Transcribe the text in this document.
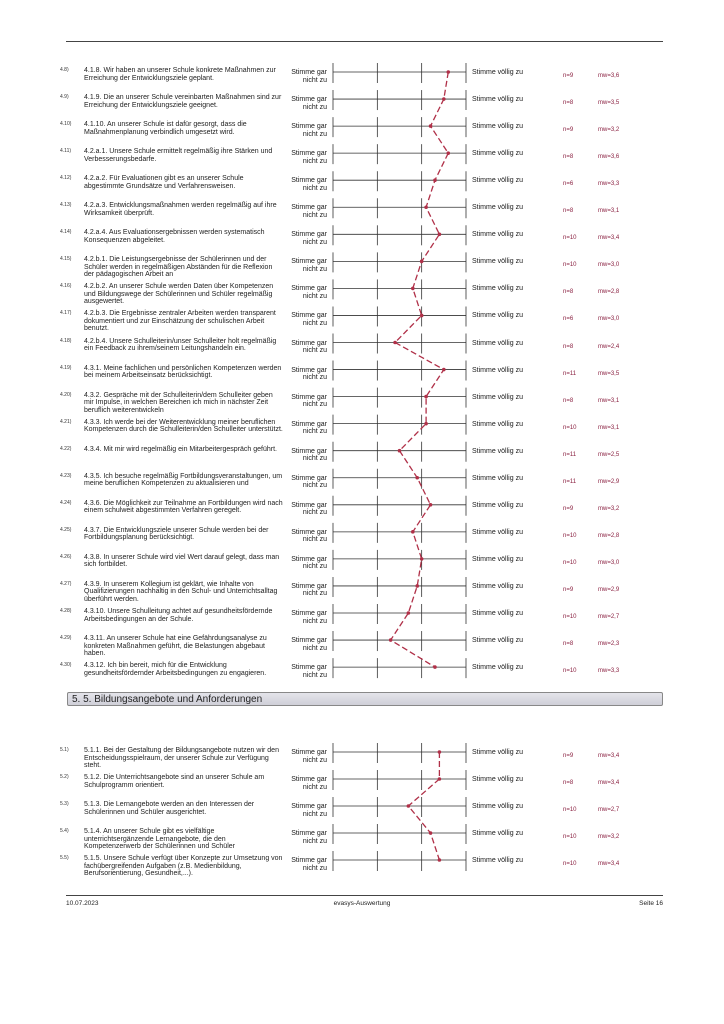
4.8)	4.1.8. Wir haben an unserer Schule konkrete Maßnahmen zur Erreichung der Entwicklungsziele geplant.
Stimme gar nicht zu
Stimme völlig zu	n=9	mw=3,6
4.9)	4.1.9. Die an unserer Schule vereinbarten Maßnahmen sind zur Erreichung der Entwicklungsziele geeignet.
Stimme gar nicht zu
Stimme völlig zu	n=8	mw=3,5
4.10)	4.1.10. An unserer Schule ist dafür gesorgt, dass die Maßnahmenplanung verbindlich umgesetzt wird.
Stimme gar nicht zu
Stimme völlig zu	n=9	mw=3,2
4.11)	4.2.a.1. Unsere Schule ermittelt regelmäßig ihre Stärken und Verbesserungsbedarfe.
Stimme gar nicht zu
Stimme völlig zu	n=8	mw=3,6
4.12)	4.2.a.2. Für Evaluationen gibt es an unserer Schule abgestimmte Grundsätze und Verfahrensweisen.
Stimme gar nicht zu
Stimme völlig zu	n=6	mw=3,3
4.13)	4.2.a.3. Entwicklungsmaßnahmen werden regelmäßig auf ihre Wirksamkeit überprüft.
Stimme gar nicht zu
Stimme völlig zu	n=8	mw=3,1
4.14)	4.2.a.4. Aus Evaluationsergebnissen werden systematisch Konsequenzen abgeleitet.
Stimme gar nicht zu
Stimme völlig zu	n=10	mw=3,4
4.15)	4.2.b.1. Die Leistungsergebnisse der Schülerinnen und der Schüler werden in regelmäßigen Abständen für die Reflexion der pädagogischen Arbeit an
Stimme gar nicht zu
Stimme völlig zu	n=10	mw=3,0
4.16)	4.2.b.2. An unserer Schule werden Daten über Kompetenzen und Bildungswege der Schülerinnen und Schüler regelmäßig ausgewertet.
Stimme gar nicht zu
Stimme völlig zu	n=8	mw=2,8
4.17)	4.2.b.3. Die Ergebnisse zentraler Arbeiten werden transparent dokumentiert und zur Einschätzung der schulischen Arbeit benutzt.
Stimme gar nicht zu
Stimme völlig zu	n=6	mw=3,0
4.18)	4.2.b.4. Unsere Schulleiterin/unser Schulleiter holt regelmäßig ein Feedback zu ihrem/seinem Leitungshandeln ein.
Stimme gar nicht zu
Stimme völlig zu	n=8	mw=2,4
4.19)	4.3.1. Meine fachlichen und persönlichen Kompetenzen werden bei meinem Arbeitseinsatz berücksichtigt.
Stimme gar nicht zu
Stimme völlig zu	n=11	mw=3,5
4.20)	4.3.2. Gespräche mit der Schulleiterin/dem Schulleiter geben mir Impulse, in welchen Bereichen ich mich in nächster Zeit beruflich weiterentwickeln
Stimme gar nicht zu
Stimme völlig zu	n=8	mw=3,1
4.21)	4.3.3. Ich werde bei der Weiterentwicklung meiner beruflichen Kompetenzen durch die Schulleiterin/den Schulleiter unterstützt.
Stimme gar nicht zu
Stimme völlig zu	n=10	mw=3,1
4.22)	4.3.4. Mit mir wird regelmäßig ein Mitarbeitergespräch geführt.	Stimme gar nicht zu
Stimme völlig zu	n=11	mw=2,5
4.23)	4.3.5. Ich besuche regelmäßig Fortbildungsveranstaltungen, um meine beruflichen Kompetenzen zu aktualisieren und
Stimme gar nicht zu
Stimme völlig zu	n=11	mw=2,9
4.24)	4.3.6. Die Möglichkeit zur Teilnahme an Fortbildungen wird nach einem schulweit abgestimmten Verfahren geregelt.
Stimme gar nicht zu
Stimme völlig zu	n=9	mw=3,2
4.25)	4.3.7. Die Entwicklungsziele unserer Schule werden bei der Fortbildungsplanung berücksichtigt.
Stimme gar nicht zu
Stimme völlig zu	n=10	mw=2,8
4.26)	4.3.8. In unserer Schule wird viel Wert darauf gelegt, dass man sich fortbildet.
Stimme gar nicht zu
Stimme völlig zu	n=10	mw=3,0
4.27)	4.3.9. In unserem Kollegium ist geklärt, wie Inhalte von Qualifizierungen nachhaltig in den Schul- und Unterrichtsalltag überführt werden.
Stimme gar nicht zu
Stimme völlig zu	n=9	mw=2,9
4.28)	4.3.10. Unsere Schulleitung achtet auf gesundheitsfördernde Arbeitsbedingungen an der Schule.
Stimme gar nicht zu
Stimme völlig zu	n=10	mw=2,7
4.29)	4.3.11. An unserer Schule hat eine Gefährdungsanalyse zu konkreten Maßnahmen geführt, die Belastungen abgebaut haben.
Stimme gar nicht zu
Stimme völlig zu	n=8	mw=2,3
4.30)	4.3.12. Ich bin bereit, mich für die Entwicklung gesundheitsfördernder Arbeitsbedingungen zu engagieren.
Stimme gar nicht zu
Stimme völlig zu	n=10	mw=3,3
5.1)	5.1.1. Bei der Gestaltung der Bildungsangebote nutzen wir den Entscheidungsspielraum, der unserer Schule zur Verfügung steht.
Stimme gar nicht zu
Stimme völlig zu	n=9	mw=3,4
5.2)	5.1.2. Die Unterrichtsangebote sind an unserer Schule am Schulprogramm orientiert.
Stimme gar nicht zu
Stimme völlig zu	n=8	mw=3,4
5.3)	5.1.3. Die Lernangebote werden an den Interessen der Schülerinnen und Schüler ausgerichtet.
Stimme gar nicht zu
Stimme völlig zu	n=10	mw=2,7
5.4)	5.1.4. An unserer Schule gibt es vielfältige unterrichtsergänzende Lernangebote, die den Kompetenzerwerb der Schülerinnen und Schüler
Stimme gar nicht zu
Stimme völlig zu	n=10	mw=3,2
5.5)	5.1.5. Unsere Schule verfügt über Konzepte zur Umsetzung von fachübergreifenden Aufgaben (z.B. Medienbildung, Berufsorientierung, Gesundheit,...).
Stimme gar nicht zu
Stimme völlig zu	n=10	mw=3,4
5. 5. Bildungsangebote und Anforderungen
10.07.2023	evasys-Auswertung	Seite 16
